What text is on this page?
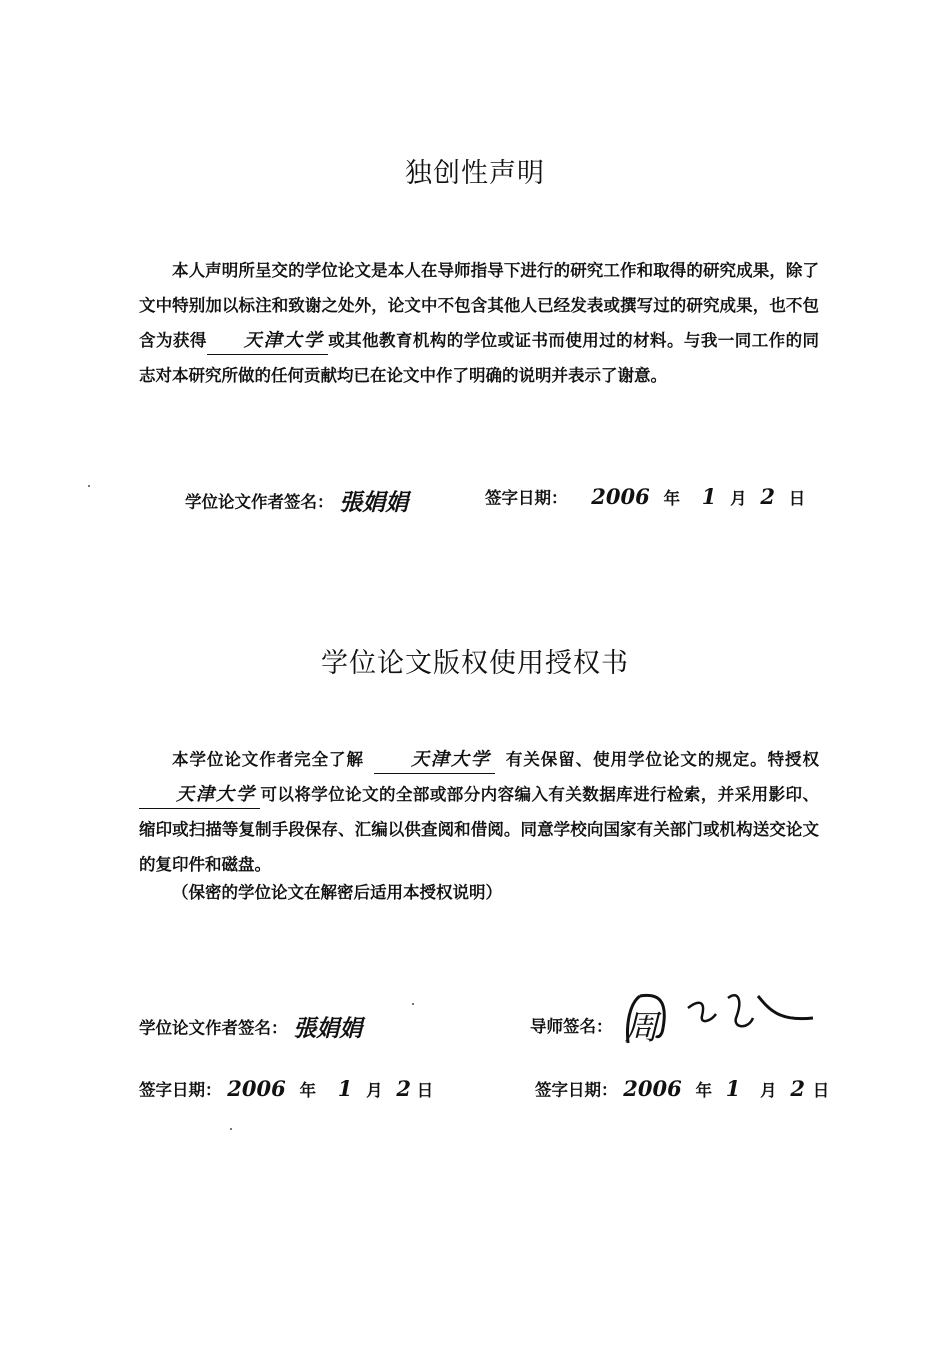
独创性声明
本人声明所呈交的学位论文是本人在导师指导下进行的研究工作和取得的研究成果，除了文中特别加以标注和致谢之处外，论文中不包含其他人已经发表或撰写过的研究成果，也不包含为获得 天津大学 或其他教育机构的学位或证书而使用过的材料。与我一同工作的同志对本研究所做的任何贡献均已在论文中作了明确的说明并表示了谢意。
学位论文作者签名： 張娟娟	签字日期： 2006 年 1 月 2 日
学位论文版权使用授权书
本学位论文作者完全了解	天津大学 有关保留、使用学位论文的规定。特授权天津大学 可以将学位论文的全部或部分内容编入有关数据库进行检索，并采用影印、缩印或扫描等复制手段保存、汇编以供查阅和借阅。同意学校向国家有关部门或机构送交论文的复印件和磁盘。
（保密的学位论文在解密后适用本授权说明）
学位论文作者签名： 張娟娟	导师签名： 周
签字日期： 2006 年 1 月 2 日	签字日期： 2006 年 1 月 2 日
